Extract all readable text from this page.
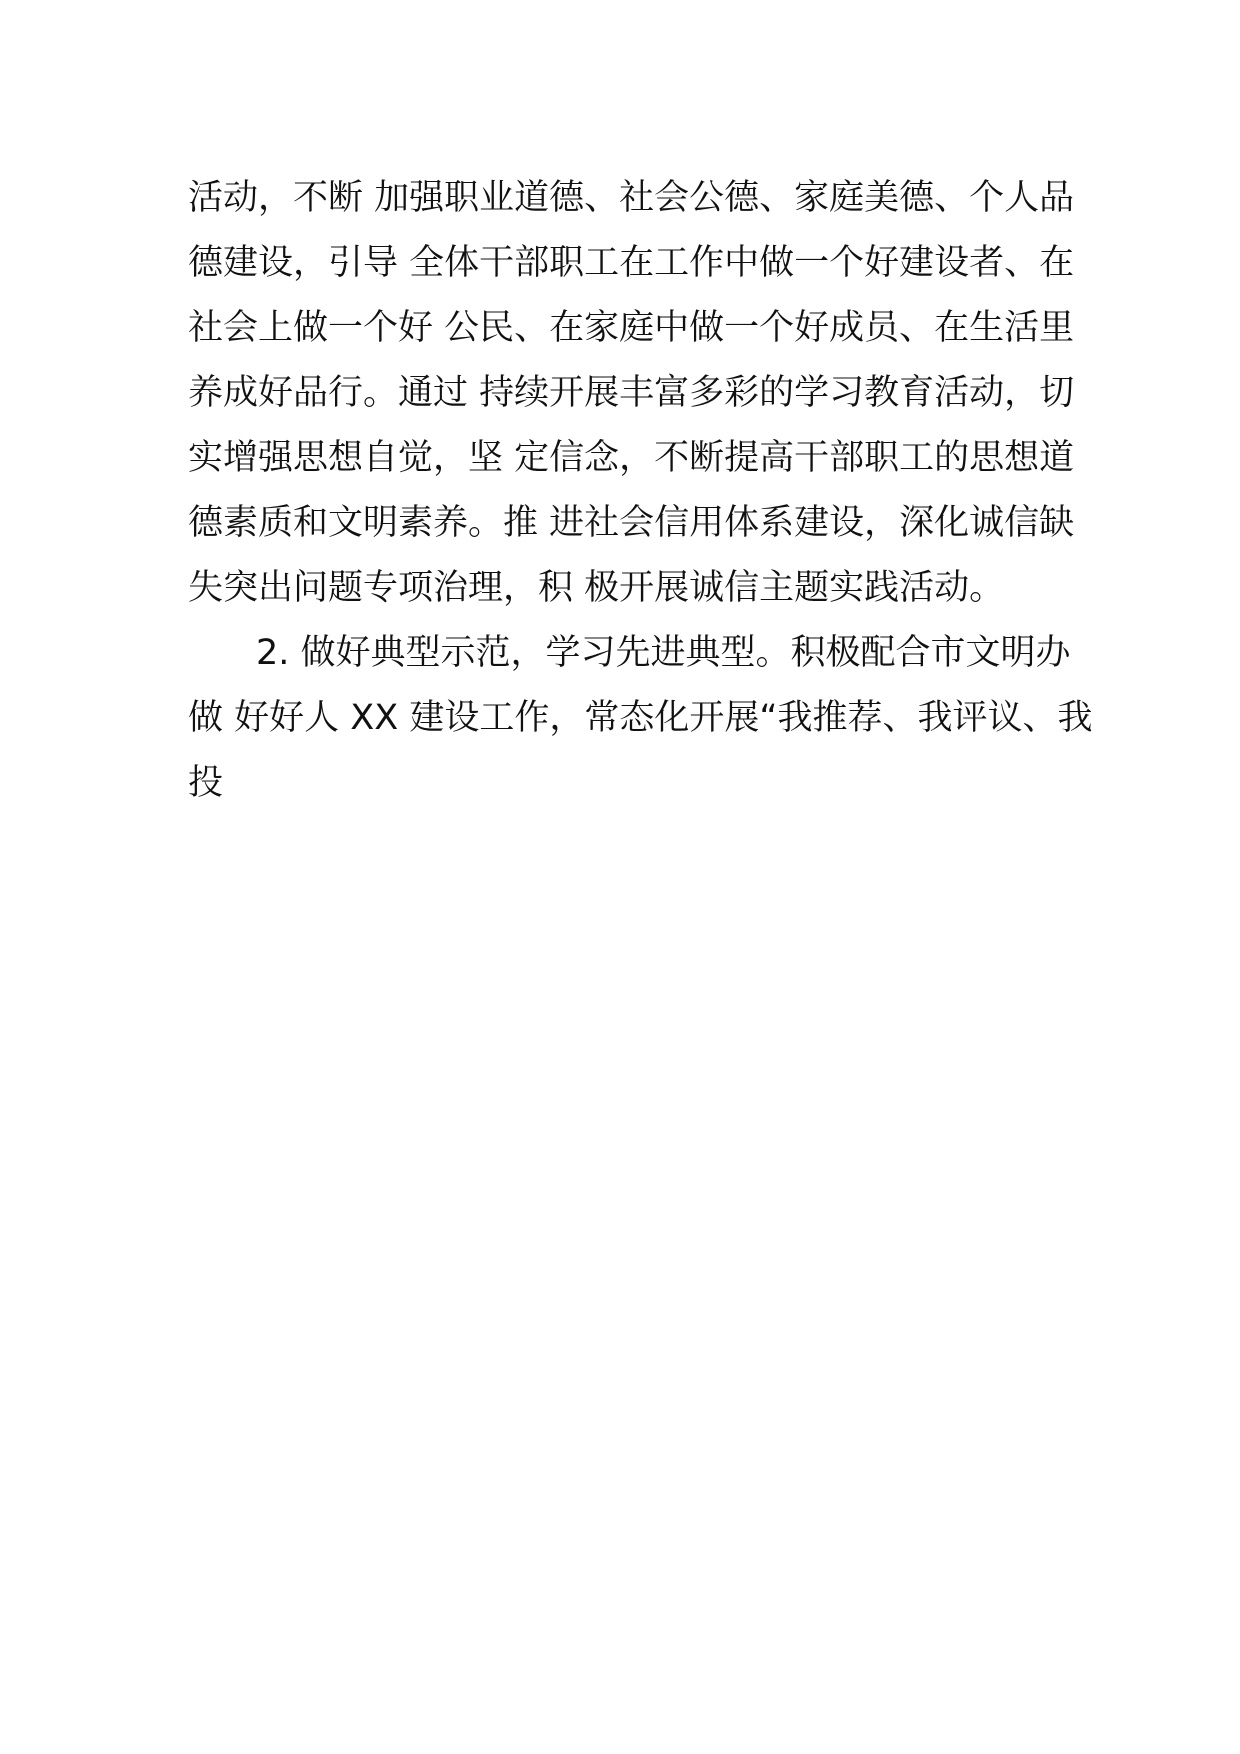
活动，不断 加强职业道德、社会公德、家庭美德、个人品
德建设，引导 全体干部职工在工作中做一个好建设者、在
社会上做一个好 公民、在家庭中做一个好成员、在生活里
养成好品行。通过 持续开展丰富多彩的学习教育活动，切
实增强思想自觉，坚 定信念，不断提高干部职工的思想道
德素质和文明素养。推 进社会信用体系建设，深化诚信缺
失突出问题专项治理，积 极开展诚信主题实践活动。
2. 做好典型示范，学习先进典型。积极配合市文明办
做 好好人 XX 建设工作，常态化开展“我推荐、我评议、我
投
